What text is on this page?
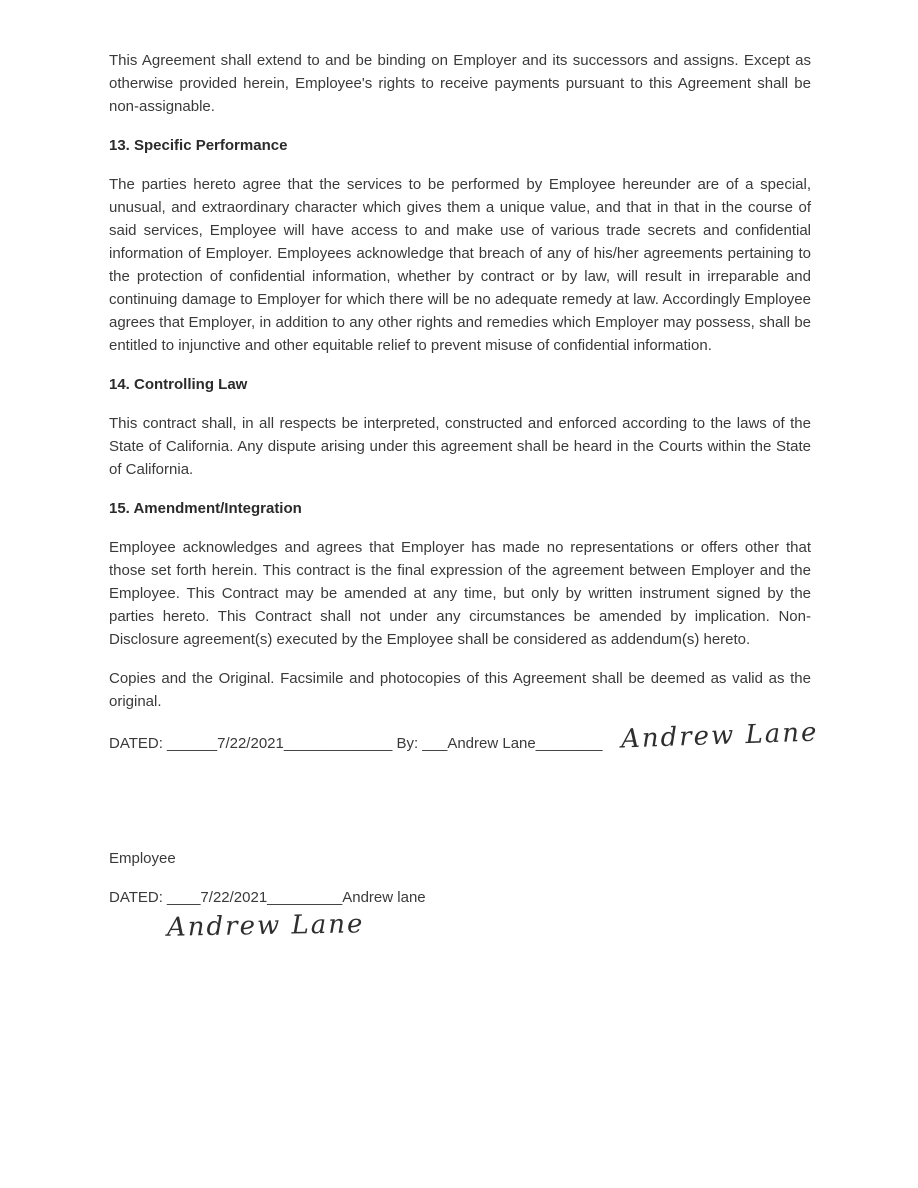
This Agreement shall extend to and be binding on Employer and its successors and assigns. Except as otherwise provided herein, Employee's rights to receive payments pursuant to this Agreement shall be non-assignable.

13. Specific Performance

The parties hereto agree that the services to be performed by Employee hereunder are of a special, unusual, and extraordinary character which gives them a unique value, and that in that in the course of said services, Employee will have access to and make use of various trade secrets and confidential information of Employer. Employees acknowledge that breach of any of his/her agreements pertaining to the protection of confidential information, whether by contract or by law, will result in irreparable and continuing damage to Employer for which there will be no adequate remedy at law. Accordingly Employee agrees that Employer, in addition to any other rights and remedies which Employer may possess, shall be entitled to injunctive and other equitable relief to prevent misuse of confidential information.

14. Controlling Law

This contract shall, in all respects be interpreted, constructed and enforced according to the laws of the State of California. Any dispute arising under this agreement shall be heard in the Courts within the State of California.

15. Amendment/Integration

Employee acknowledges and agrees that Employer has made no representations or offers other that those set forth herein. This contract is the final expression of the agreement between Employer and the Employee. This Contract may be amended at any time, but only by written instrument signed by the parties hereto. This Contract shall not under any circumstances be amended by implication. Non-Disclosure agreement(s) executed by the Employee shall be considered as addendum(s) hereto.

Copies and the Original. Facsimile and photocopies of this Agreement shall be deemed as valid as the original.

DATED: ______7/22/2021_____________ By: ___Andrew Lane________ Andrew Lane

Employee

DATED: ____7/22/2021_________Andrew lane

Andrew Lane
